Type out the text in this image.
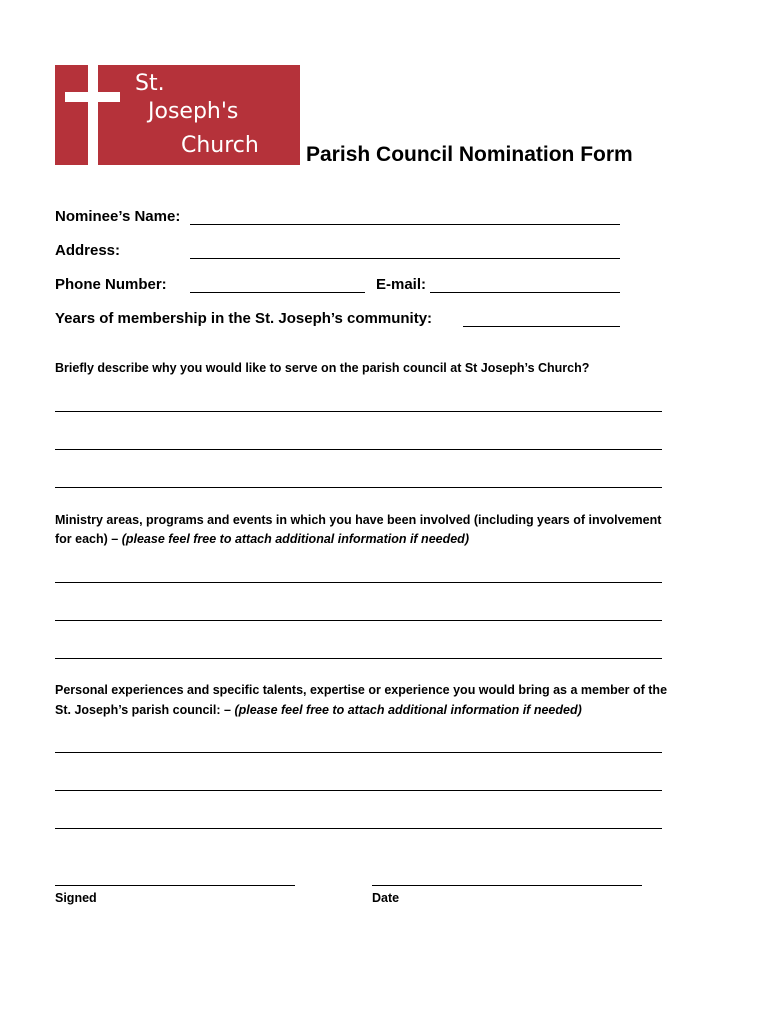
St.
Joseph's
Church Parish Council Nomination Form
Nominee’s Name:
Address:
Phone Number:	E-mail:
Years of membership in the St. Joseph’s community:
Briefly describe why you would like to serve on the parish council at St Joseph’s Church?
Ministry areas, programs and events in which you have been involved (including years of involvement
for each) – (please feel free to attach additional information if needed)
Personal experiences and specific talents, expertise or experience you would bring as a member of the
St. Joseph’s parish council: – (please feel free to attach additional information if needed)
Signed	Date
